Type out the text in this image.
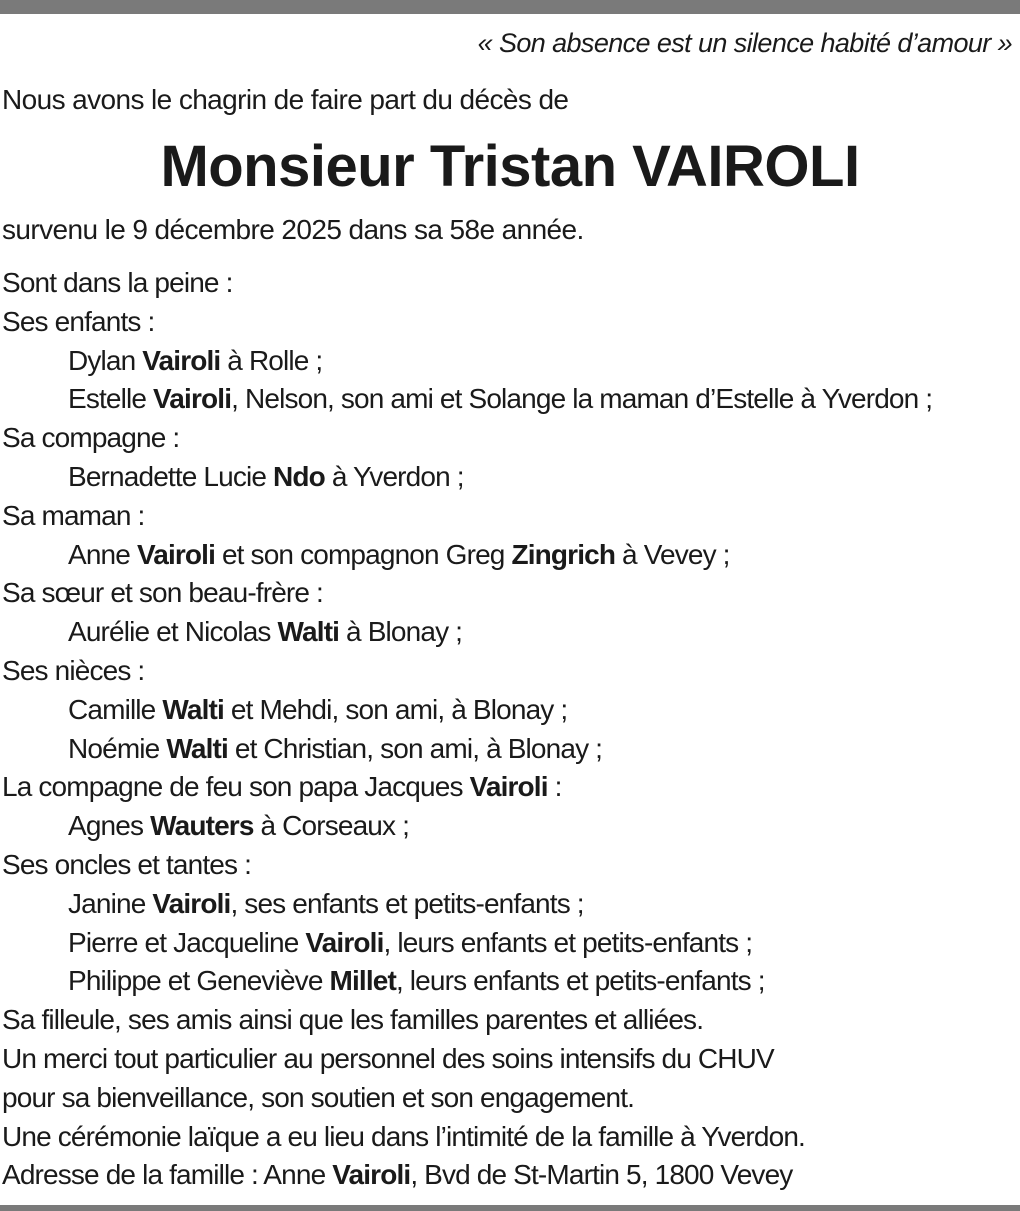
« Son absence est un silence habité d’amour »
Nous avons le chagrin de faire part du décès de
Monsieur Tristan VAIROLI
survenu le 9 décembre 2025 dans sa 58e année.
Sont dans la peine :
Ses enfants :
Dylan Vairoli à Rolle ;
Estelle Vairoli, Nelson, son ami et Solange la maman d’Estelle à Yverdon ;
Sa compagne :
Bernadette Lucie Ndo à Yverdon ;
Sa maman :
Anne Vairoli et son compagnon Greg Zingrich à Vevey ;
Sa sœur et son beau-frère :
Aurélie et Nicolas Walti à Blonay ;
Ses nièces :
Camille Walti et Mehdi, son ami, à Blonay ;
Noémie Walti et Christian, son ami, à Blonay ;
La compagne de feu son papa Jacques Vairoli :
Agnes Wauters à Corseaux ;
Ses oncles et tantes :
Janine Vairoli, ses enfants et petits-enfants ;
Pierre et Jacqueline Vairoli, leurs enfants et petits-enfants ;
Philippe et Geneviève Millet, leurs enfants et petits-enfants ;
Sa filleule, ses amis ainsi que les familles parentes et alliées.
Un merci tout particulier au personnel des soins intensifs du CHUV
pour sa bienveillance, son soutien et son engagement.
Une cérémonie laïque a eu lieu dans l’intimité de la famille à Yverdon.
Adresse de la famille : Anne Vairoli, Bvd de St-Martin 5, 1800 Vevey
